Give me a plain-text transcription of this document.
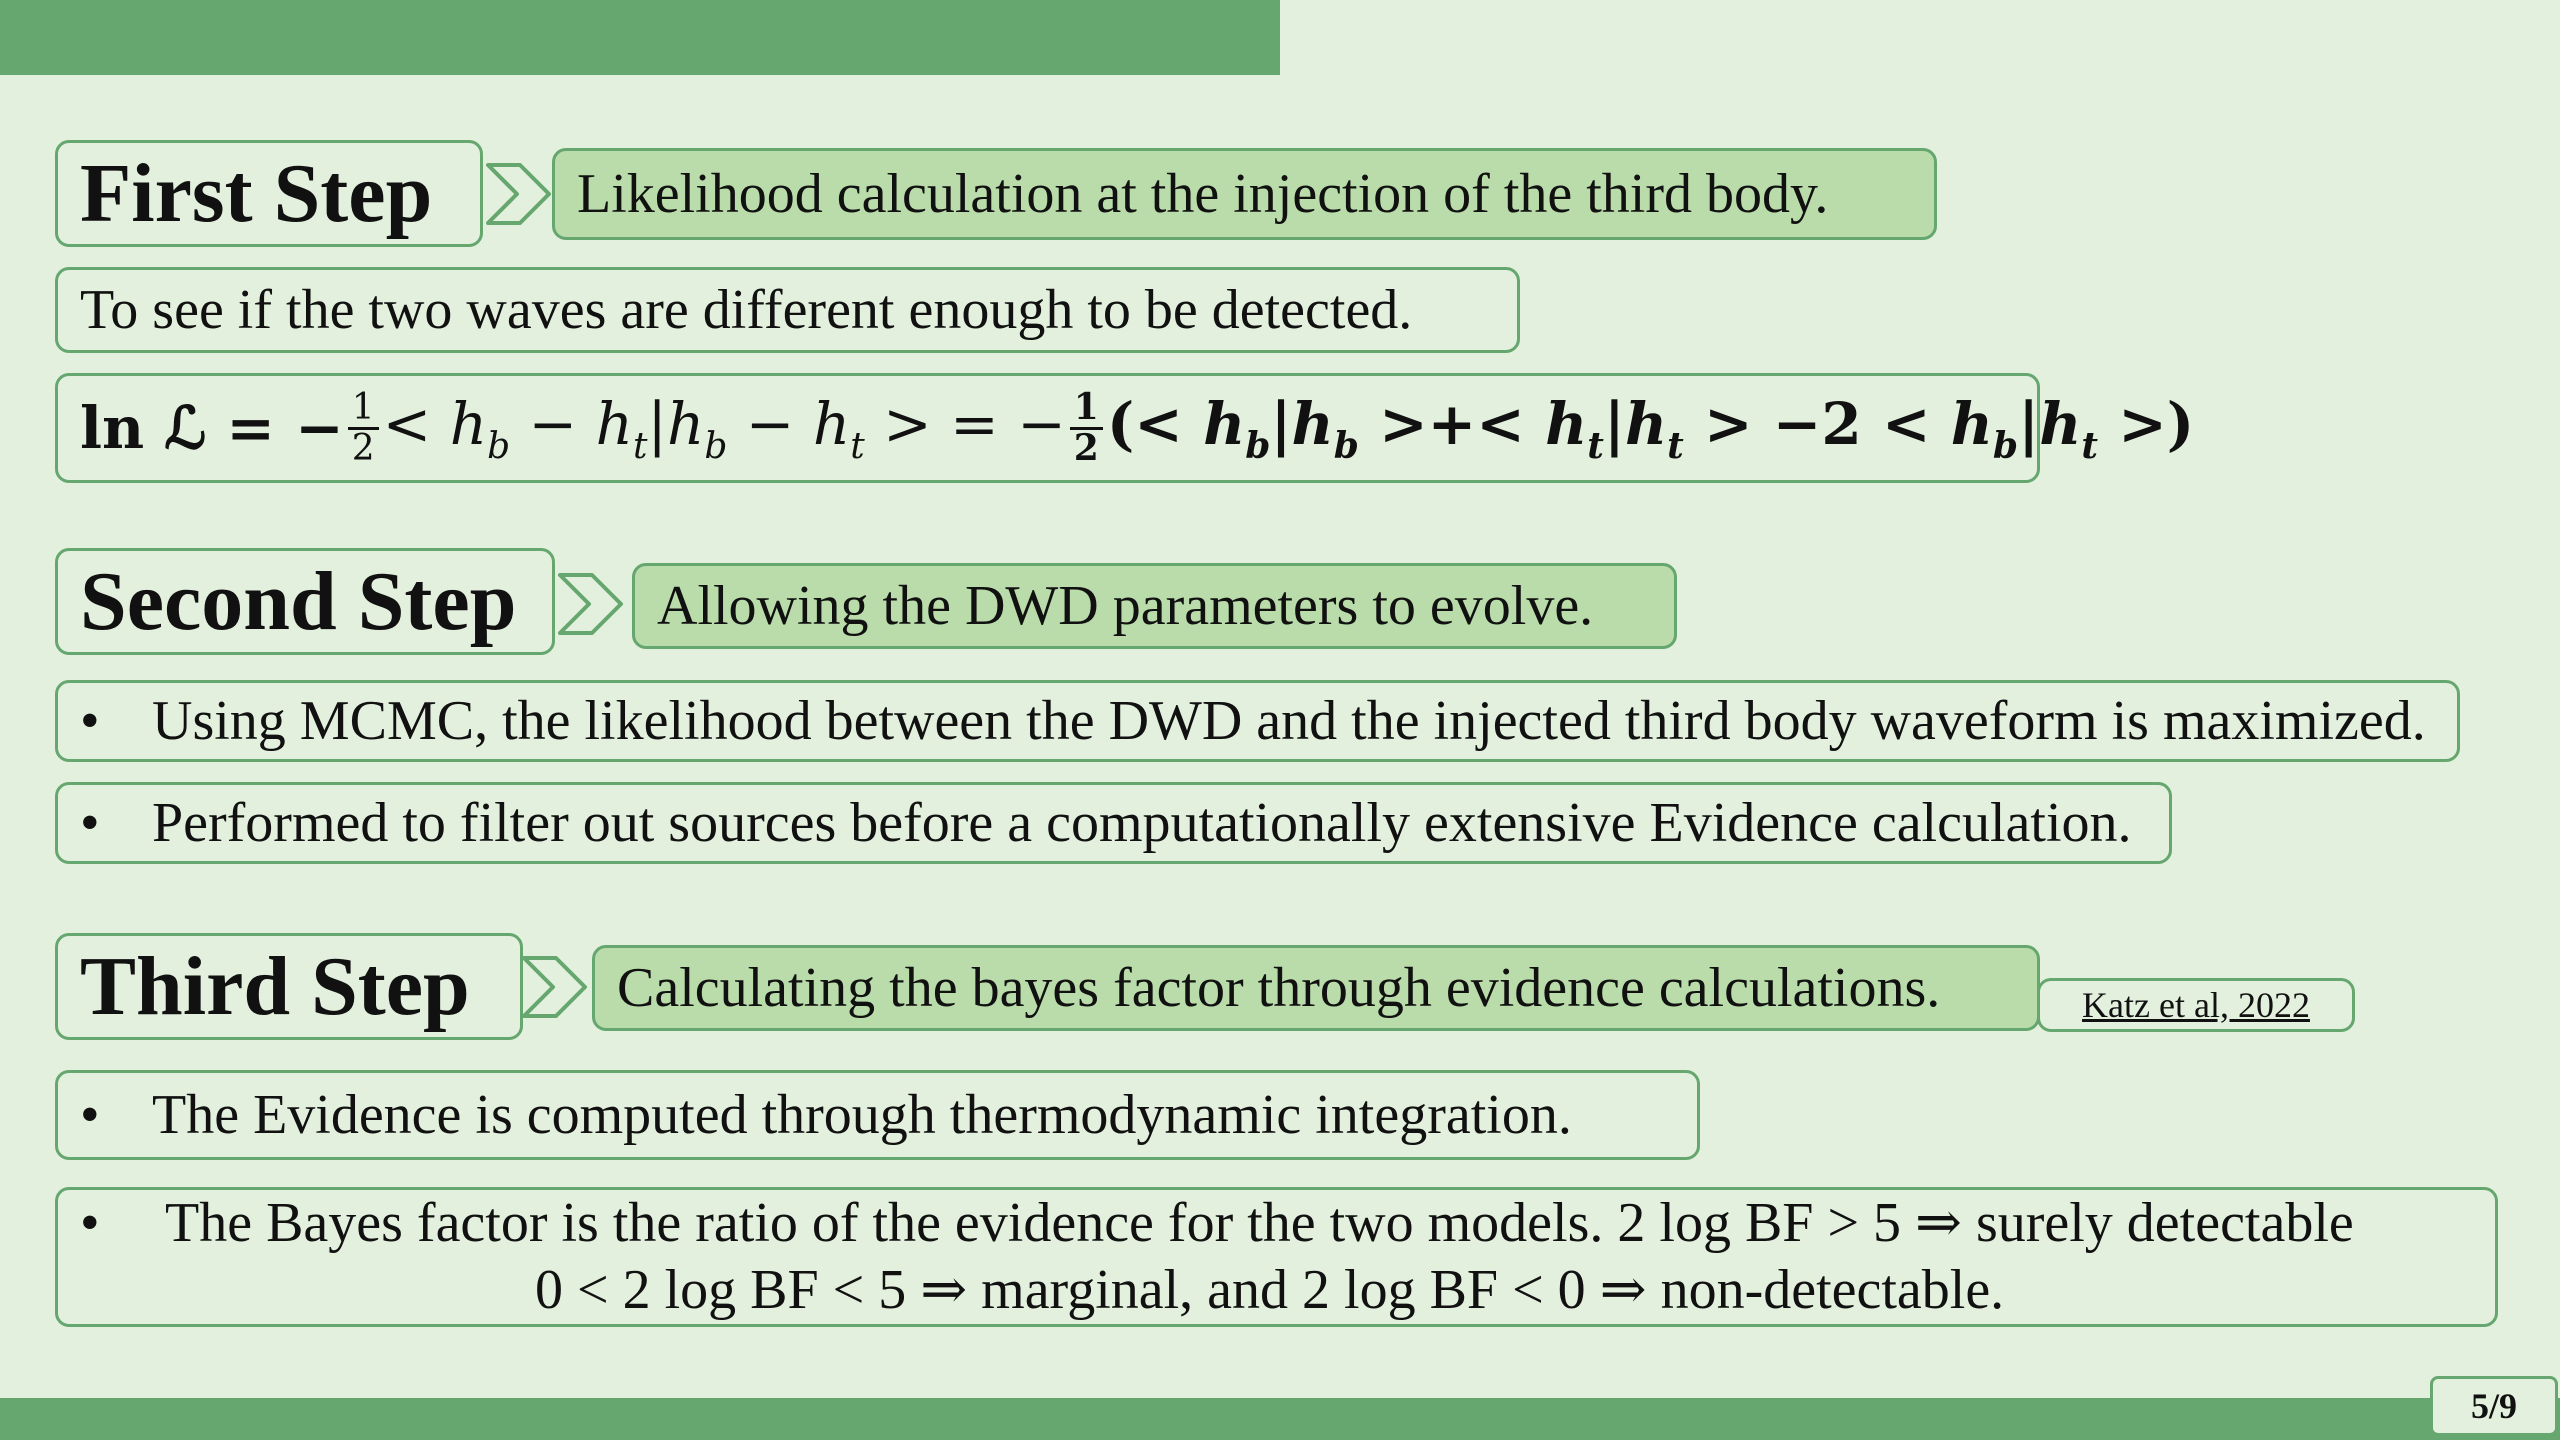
First Step	Likelihood calculation at the injection of the third body.
To see if the two waves are different enough to be detected.
ln ℒ = − $\frac{1}{2} < h_b - h_t|h_b - h_t$ > = − $\frac{1}{2}$ (< $h_b|h_b$ >+< $h_t|h_t > -2 < h_b|h_t$ >)
Second Step	Allowing the DWD parameters to evolve.
• Using MCMC, the likelihood between the DWD and the injected third body waveform is maximized.
• Performed to filter out sources before a computationally extensive Evidence calculation.
Third Step	Calculating the bayes factor through evidence calculations.	Katz et al, 2022
• The Evidence is computed through thermodynamic integration.
• The Bayes factor is the ratio of the evidence for the two models. 2 log BF > 5 ⇒ surely detectable
0 < 2 log BF < 5 ⇒ marginal, and 2 log BF < 0 ⇒ non-detectable.
5/9
